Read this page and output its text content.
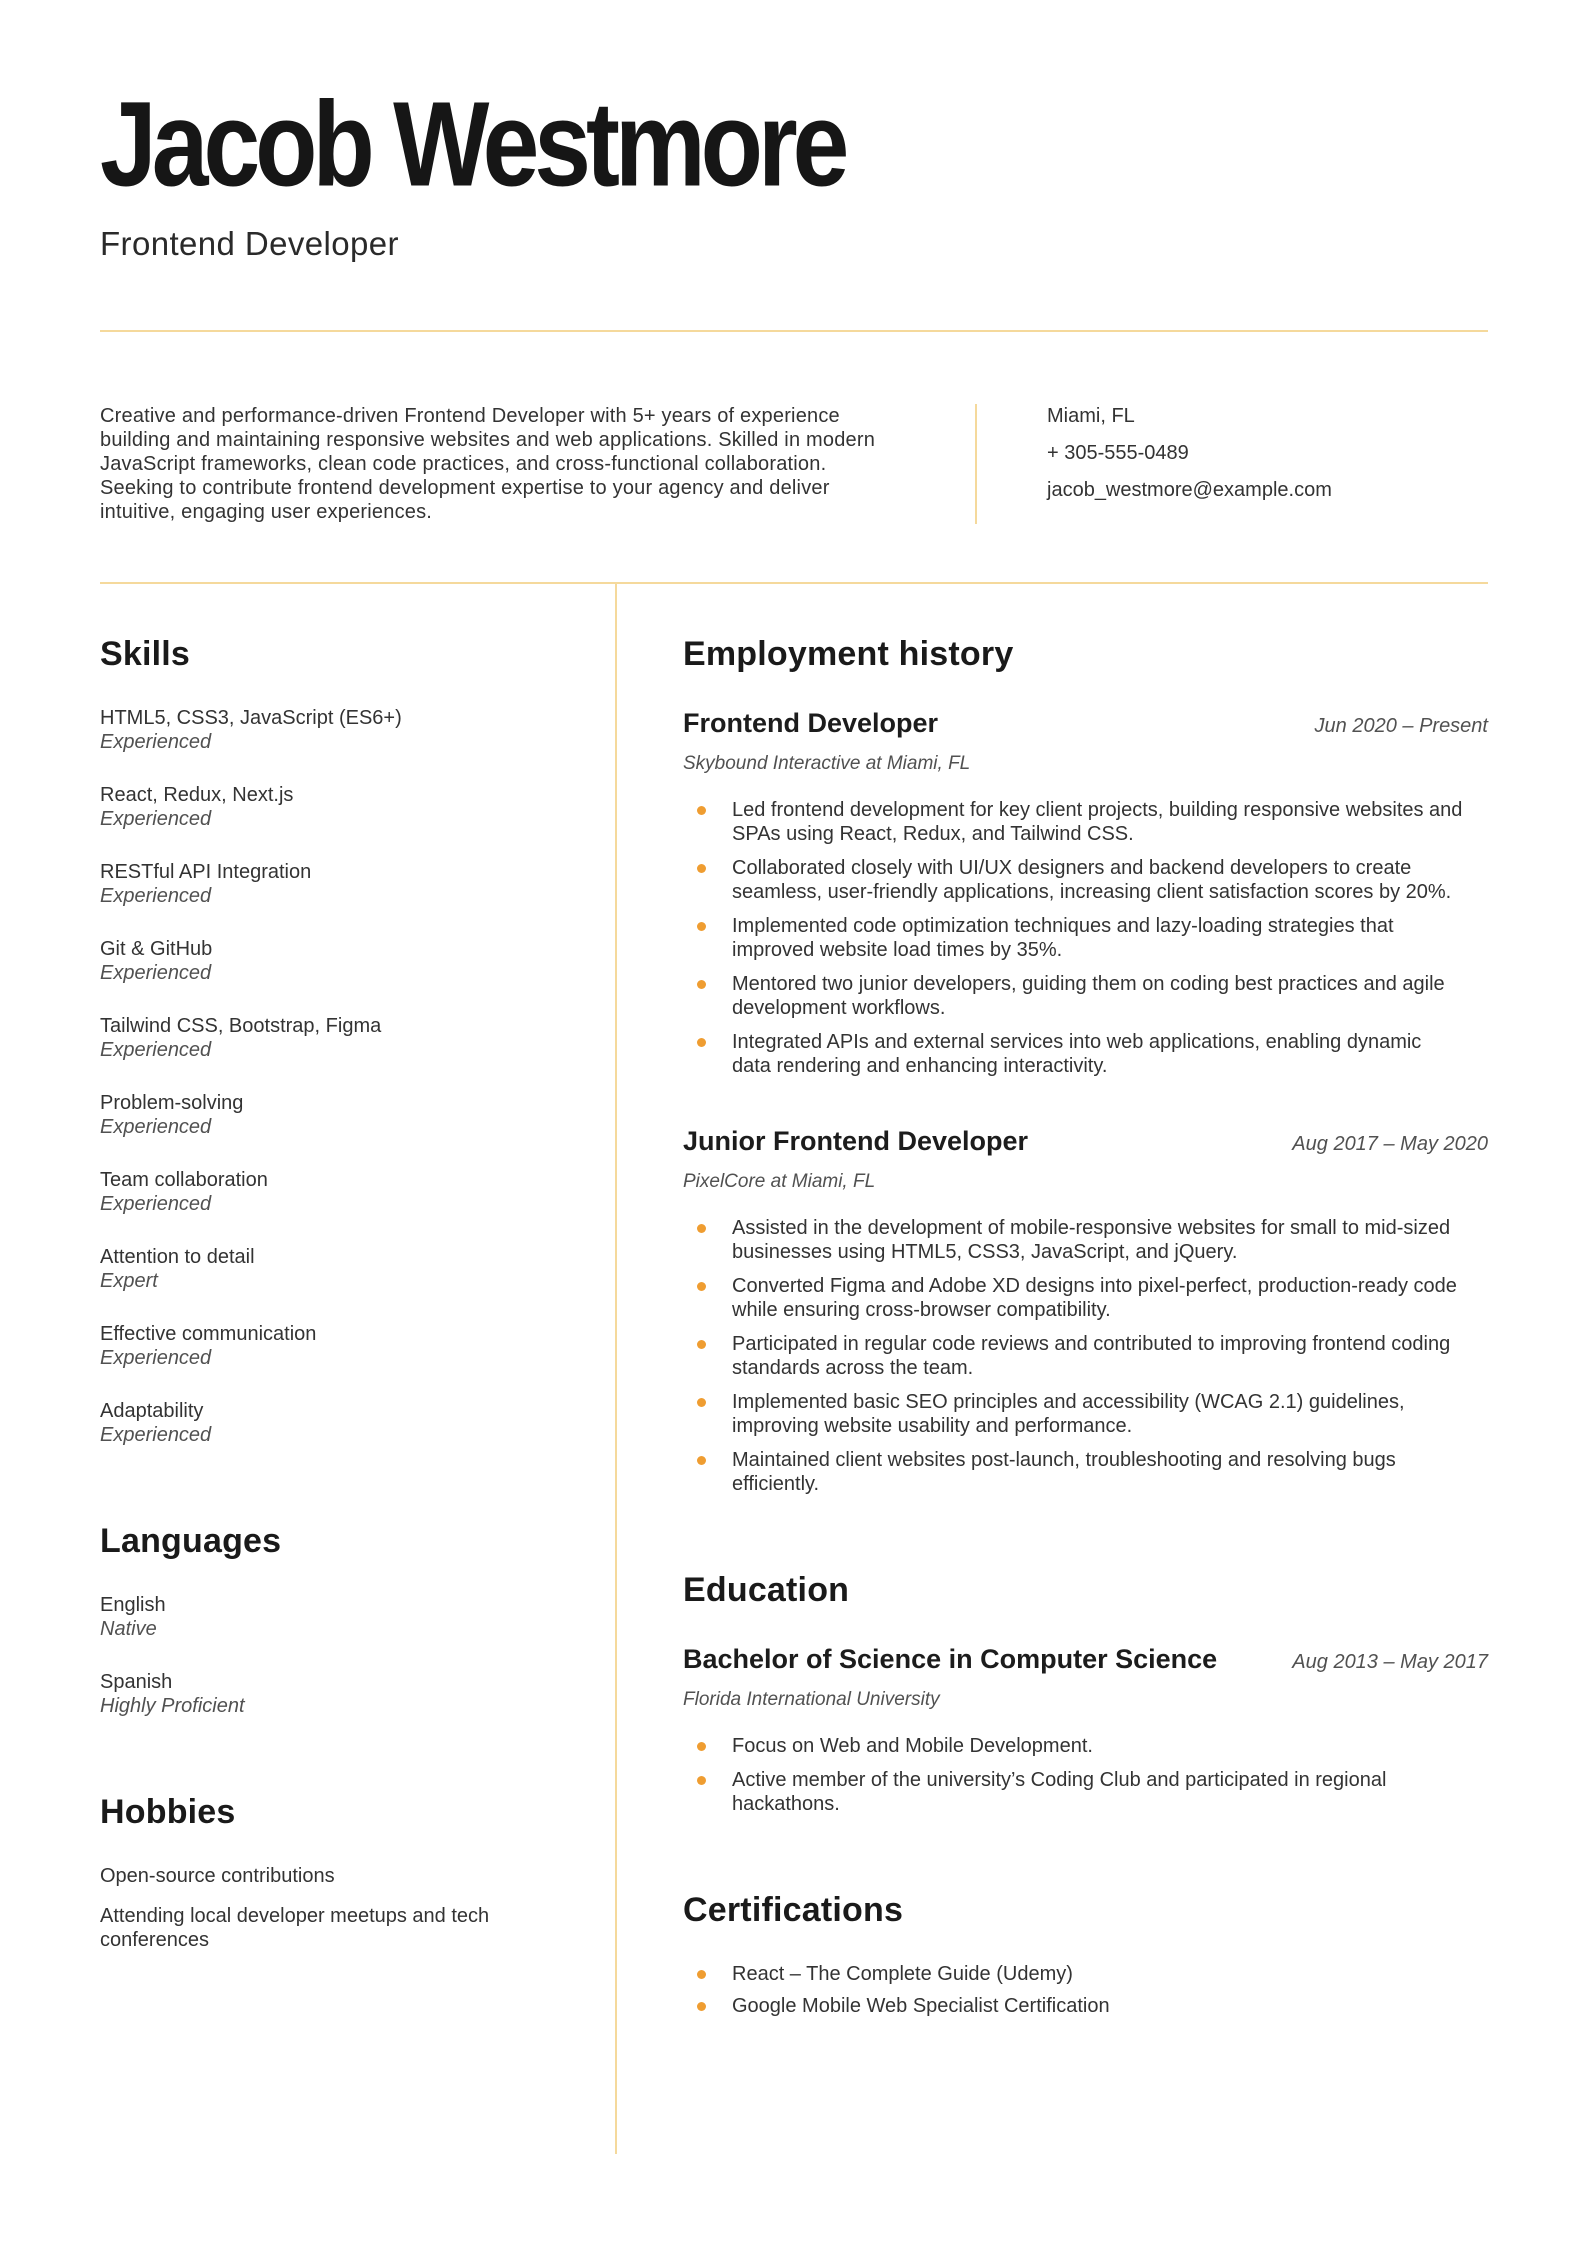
Jacob Westmore

Frontend Developer

Creative and performance-driven Frontend Developer with 5+ years of experience building and maintaining responsive websites and web applications. Skilled in modern JavaScript frameworks, clean code practices, and cross-functional collaboration. Seeking to contribute frontend development expertise to your agency and deliver intuitive, engaging user experiences.

Miami, FL
+ 305-555-0489
jacob_westmore@example.com
Skills
HTML5, CSS3, JavaScript (ES6+)
Experienced
React, Redux, Next.js
Experienced
RESTful API Integration
Experienced
Git & GitHub
Experienced
Tailwind CSS, Bootstrap, Figma
Experienced
Problem-solving
Experienced
Team collaboration
Experienced
Attention to detail
Expert
Effective communication
Experienced
Adaptability
Experienced
Languages
English
Native
Spanish
Highly Proficient
Hobbies
Open-source contributions
Attending local developer meetups and tech conferences
Employment history
Frontend Developer	Jun 2020 – Present
Skybound Interactive at Miami, FL
Led frontend development for key client projects, building responsive websites and SPAs using React, Redux, and Tailwind CSS.
Collaborated closely with UI/UX designers and backend developers to create seamless, user-friendly applications, increasing client satisfaction scores by 20%.
Implemented code optimization techniques and lazy-loading strategies that improved website load times by 35%.
Mentored two junior developers, guiding them on coding best practices and agile development workflows.
Integrated APIs and external services into web applications, enabling dynamic data rendering and enhancing interactivity.
Junior Frontend Developer	Aug 2017 – May 2020
PixelCore at Miami, FL
Assisted in the development of mobile-responsive websites for small to mid-sized businesses using HTML5, CSS3, JavaScript, and jQuery.
Converted Figma and Adobe XD designs into pixel-perfect, production-ready code while ensuring cross-browser compatibility.
Participated in regular code reviews and contributed to improving frontend coding standards across the team.
Implemented basic SEO principles and accessibility (WCAG 2.1) guidelines, improving website usability and performance.
Maintained client websites post-launch, troubleshooting and resolving bugs efficiently.
Education
Bachelor of Science in Computer Science	Aug 2013 – May 2017
Florida International University
Focus on Web and Mobile Development.
Active member of the university’s Coding Club and participated in regional hackathons.
Certifications
React – The Complete Guide (Udemy)
Google Mobile Web Specialist Certification
